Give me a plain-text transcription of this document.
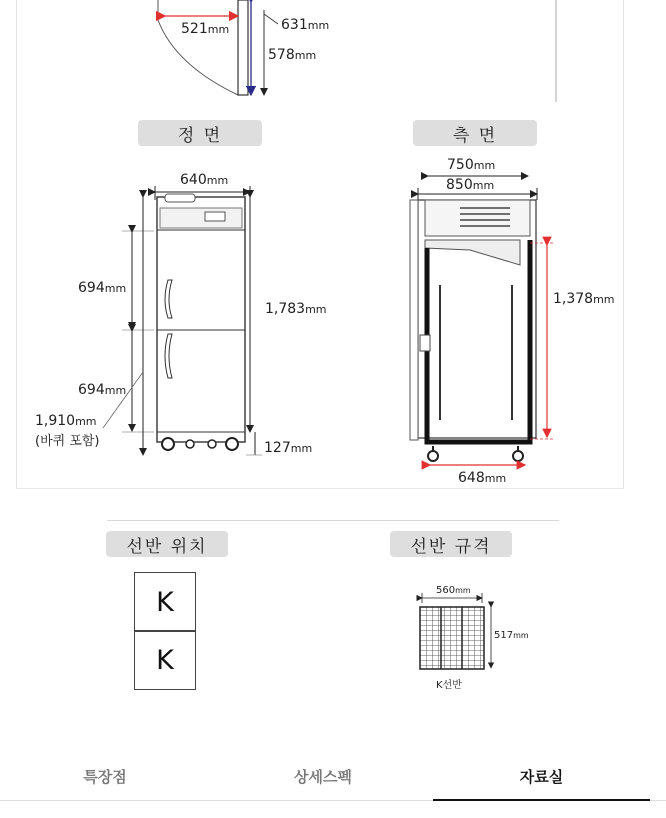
521mm	631mm
578mm
정 면
640mm
694mm
694mm
1,783mm
127mm
1,910mm
(바퀴 포함)
측 면
750mm
850mm
1,378mm
648mm
선반 위치
K
K
선반 규격
560mm
517mm
K선반
특장점	상세스펙	자료실
